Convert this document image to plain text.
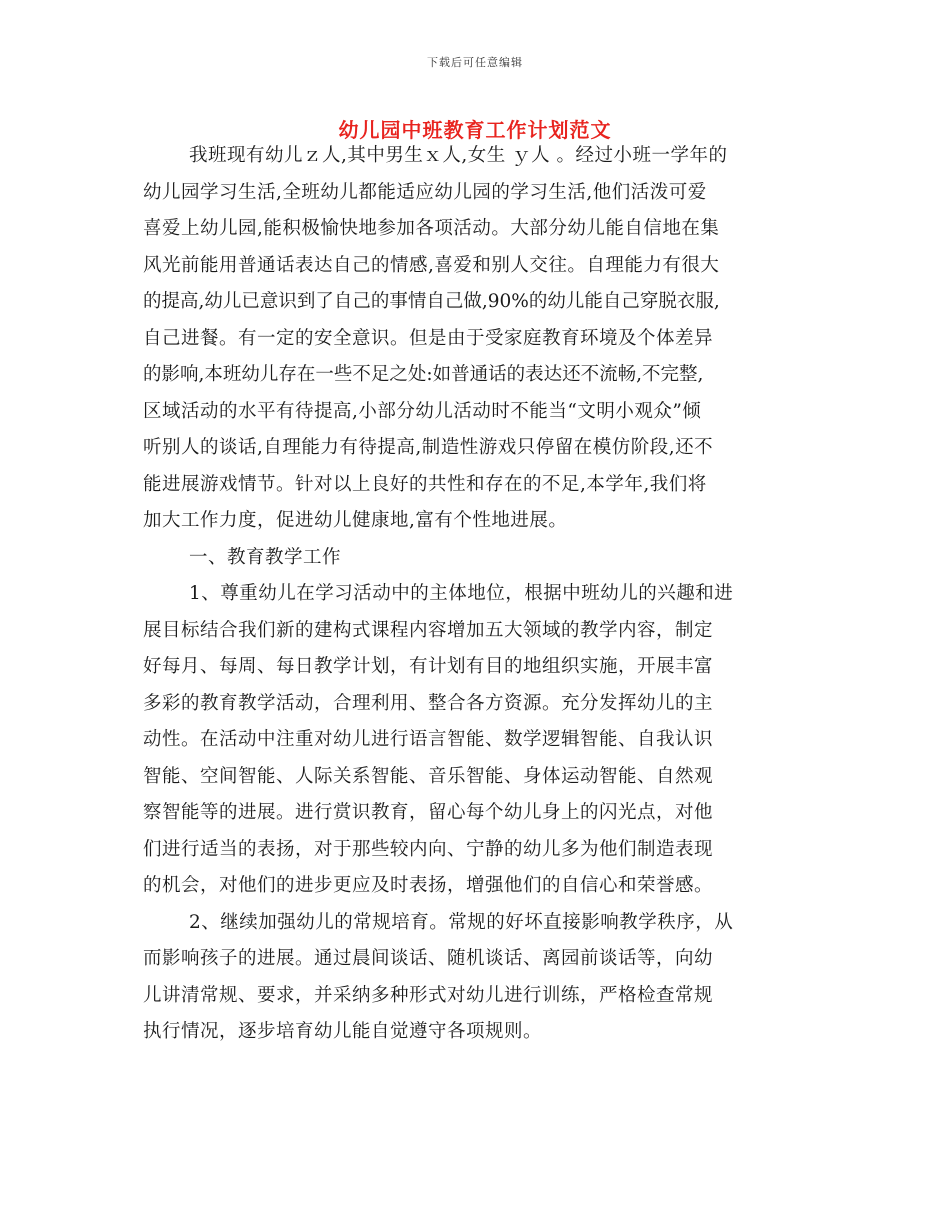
下载后可任意编辑
幼儿园中班教育工作计划范文
我班现有幼儿ｚ人,其中男生ｘ人,女生 ｙ人 。经过小班一学年的
幼儿园学习生活,全班幼儿都能适应幼儿园的学习生活,他们活泼可爱
喜爱上幼儿园,能积极愉快地参加各项活动。大部分幼儿能自信地在集
风光前能用普通话表达自己的情感,喜爱和别人交往。自理能力有很大
的提高,幼儿已意识到了自己的事情自己做,90%的幼儿能自己穿脱衣服,
自己进餐。有一定的安全意识。但是由于受家庭教育环境及个体差异
的影响,本班幼儿存在一些不足之处:如普通话的表达还不流畅,不完整,
区域活动的水平有待提高,小部分幼儿活动时不能当“文明小观众”倾
听别人的谈话,自理能力有待提高,制造性游戏只停留在模仿阶段,还不
能进展游戏情节。针对以上良好的共性和存在的不足,本学年,我们将
加大工作力度，促进幼儿健康地,富有个性地进展。
一、教育教学工作
1、尊重幼儿在学习活动中的主体地位，根据中班幼儿的兴趣和进
展目标结合我们新的建构式课程内容增加五大领域的教学内容，制定
好每月、每周、每日教学计划，有计划有目的地组织实施，开展丰富
多彩的教育教学活动，合理利用、整合各方资源。充分发挥幼儿的主
动性。在活动中注重对幼儿进行语言智能、数学逻辑智能、自我认识
智能、空间智能、人际关系智能、音乐智能、身体运动智能、自然观
察智能等的进展。进行赏识教育，留心每个幼儿身上的闪光点，对他
们进行适当的表扬，对于那些较内向、宁静的幼儿多为他们制造表现
的机会，对他们的进步更应及时表扬，增强他们的自信心和荣誉感。
2、继续加强幼儿的常规培育。常规的好坏直接影响教学秩序，从
而影响孩子的进展。通过晨间谈话、随机谈话、离园前谈话等，向幼
儿讲清常规、要求，并采纳多种形式对幼儿进行训练，严格检查常规
执行情况，逐步培育幼儿能自觉遵守各项规则。
